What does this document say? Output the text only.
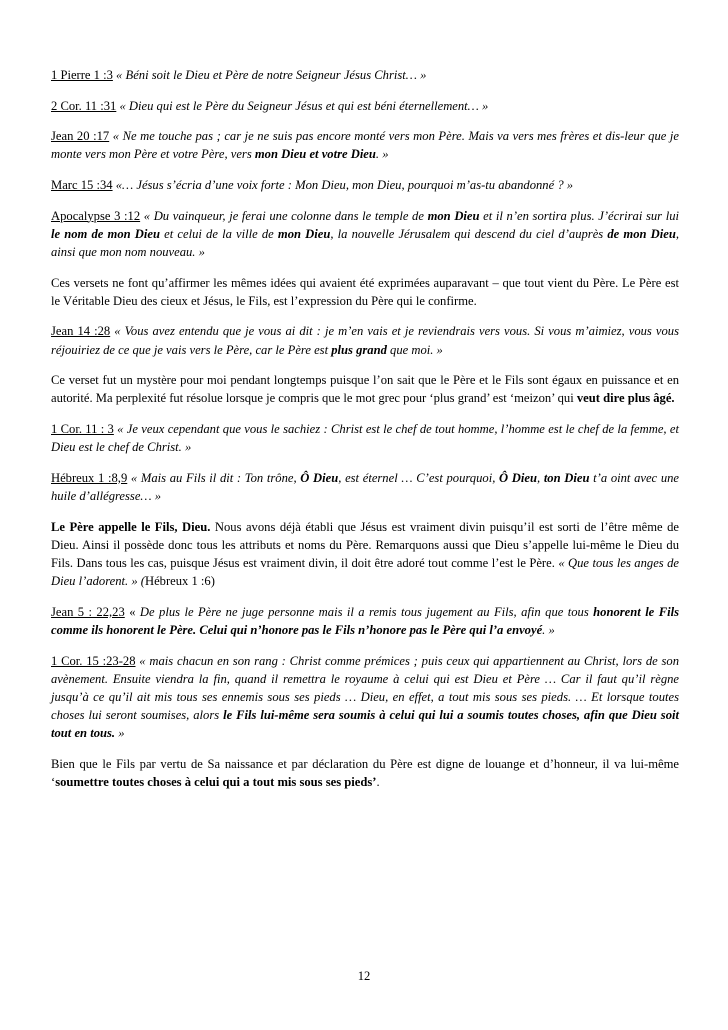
1 Pierre 1 :3 « Béni soit le Dieu et Père de notre Seigneur Jésus Christ… »

2 Cor. 11 :31 « Dieu qui est le Père du Seigneur Jésus et qui est béni éternellement… »

Jean 20 :17 « Ne me touche pas ; car je ne suis pas encore monté vers mon Père. Mais va vers mes frères et dis-leur que je monte vers mon Père et votre Père, vers mon Dieu et votre Dieu. »

Marc 15 :34 «… Jésus s’écria d’une voix forte : Mon Dieu, mon Dieu, pourquoi m’as-tu abandonné ? »

Apocalypse 3 :12 « Du vainqueur, je ferai une colonne dans le temple de mon Dieu et il n’en sortira plus. J’écrirai sur lui le nom de mon Dieu et celui de la ville de mon Dieu, la nouvelle Jérusalem qui descend du ciel d’auprès de mon Dieu, ainsi que mon nom nouveau. »

Ces versets ne font qu’affirmer les mêmes idées qui avaient été exprimées auparavant – que tout vient du Père. Le Père est le Véritable Dieu des cieux et Jésus, le Fils, est l’expression du Père qui le confirme.

Jean 14 :28 « Vous avez entendu que je vous ai dit : je m’en vais et je reviendrais vers vous. Si vous m’aimiez, vous vous réjouiriez de ce que je vais vers le Père, car le Père est plus grand que moi. »

Ce verset fut un mystère pour moi pendant longtemps puisque l’on sait que le Père et le Fils sont égaux en puissance et en autorité. Ma perplexité fut résolue lorsque je compris que le mot grec pour ‘plus grand’ est ‘meizon’ qui veut dire plus âgé.

1 Cor. 11 : 3 « Je veux cependant que vous le sachiez : Christ est le chef de tout homme, l’homme est le chef de la femme, et Dieu est le chef de Christ. »

Hébreux 1 :8,9 « Mais au Fils il dit : Ton trône, Ô Dieu, est éternel … C’est pourquoi, Ô Dieu, ton Dieu t’a oint avec une huile d’allégresse… »

Le Père appelle le Fils, Dieu. Nous avons déjà établi que Jésus est vraiment divin puisqu’il est sorti de l’être même de Dieu. Ainsi il possède donc tous les attributs et noms du Père. Remarquons aussi que Dieu s’appelle lui-même le Dieu du Fils. Dans tous les cas, puisque Jésus est vraiment divin, il doit être adoré tout comme l’est le Père. « Que tous les anges de Dieu l’adorent. » (Hébreux 1 :6)

Jean 5 : 22,23 « De plus le Père ne juge personne mais il a remis tous jugement au Fils, afin que tous honorent le Fils comme ils honorent le Père. Celui qui n’honore pas le Fils n’honore pas le Père qui l’a envoyé. »

1 Cor. 15 :23-28 « mais chacun en son rang : Christ comme prémices ; puis ceux qui appartiennent au Christ, lors de son avènement. Ensuite viendra la fin, quand il remettra le royaume à celui qui est Dieu et Père … Car il faut qu’il règne jusqu’à ce qu’il ait mis tous ses ennemis sous ses pieds … Dieu, en effet, a tout mis sous ses pieds. … Et lorsque toutes choses lui seront soumises, alors le Fils lui-même sera soumis à celui qui lui a soumis toutes choses, afin que Dieu soit tout en tous. »

Bien que le Fils par vertu de Sa naissance et par déclaration du Père est digne de louange et d’honneur, il va lui-même ‘soumettre toutes choses à celui qui a tout mis sous ses pieds’.

12
